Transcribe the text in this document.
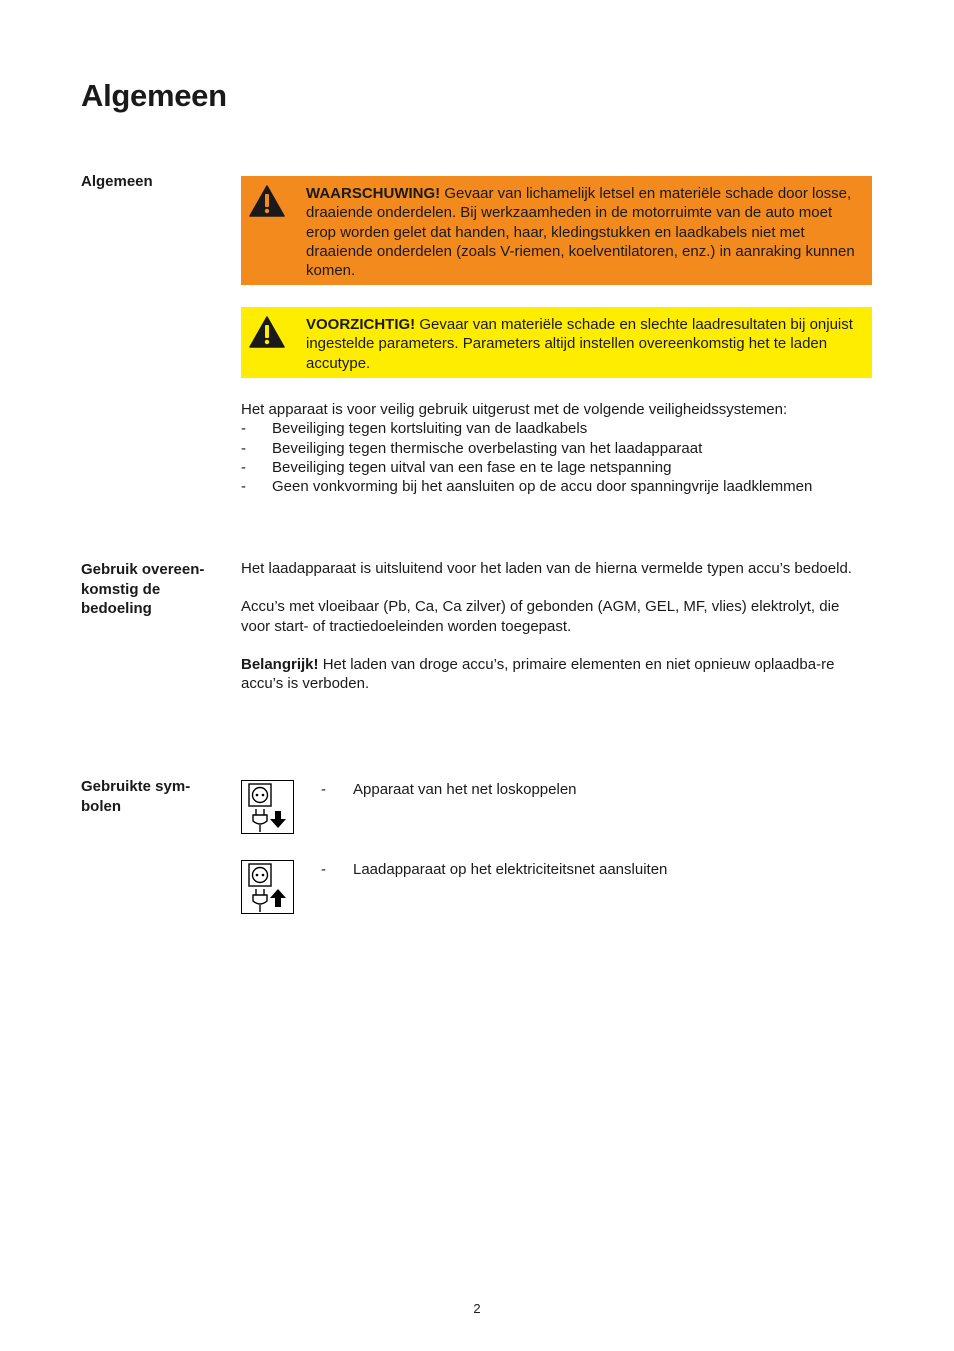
Algemeen
Algemeen
WAARSCHUWING! Gevaar van lichamelijk letsel en materiële schade door losse, draaiende onderdelen. Bij werkzaamheden in de motorruimte van de auto moet erop worden gelet dat handen, haar, kledingstukken en laadkabels niet met draaiende onderdelen (zoals V-riemen, koelventilatoren, enz.) in aanraking kunnen komen.
VOORZICHTIG! Gevaar van materiële schade en slechte laadresultaten bij onjuist ingestelde parameters. Parameters altijd instellen overeenkomstig het te laden accutype.

Het apparaat is voor veilig gebruik uitgerust met de volgende veiligheidssystemen:

- Beveiliging tegen kortsluiting van de laadkabels
- Beveiliging tegen thermische overbelasting van het laadapparaat
- Beveiliging tegen uitval van een fase en te lage netspanning
- Geen vonkvorming bij het aansluiten op de accu door spanningvrije laadklemmen
Gebruik overeen-
komstig de
bedoeling

Het laadapparaat is uitsluitend voor het laden van de hierna vermelde typen accu’s bedoeld.

Accu’s met vloeibaar (Pb, Ca, Ca zilver) of gebonden (AGM, GEL, MF, vlies) elektrolyt, die voor start- of tractiedoeleinden worden toegepast.

Belangrijk! Het laden van droge accu’s, primaire elementen en niet opnieuw oplaadba-re accu’s is verboden.

Gebruikte sym-
bolen
- Apparaat van het net loskoppelen
- Laadapparaat op het elektriciteitsnet aansluiten
2
